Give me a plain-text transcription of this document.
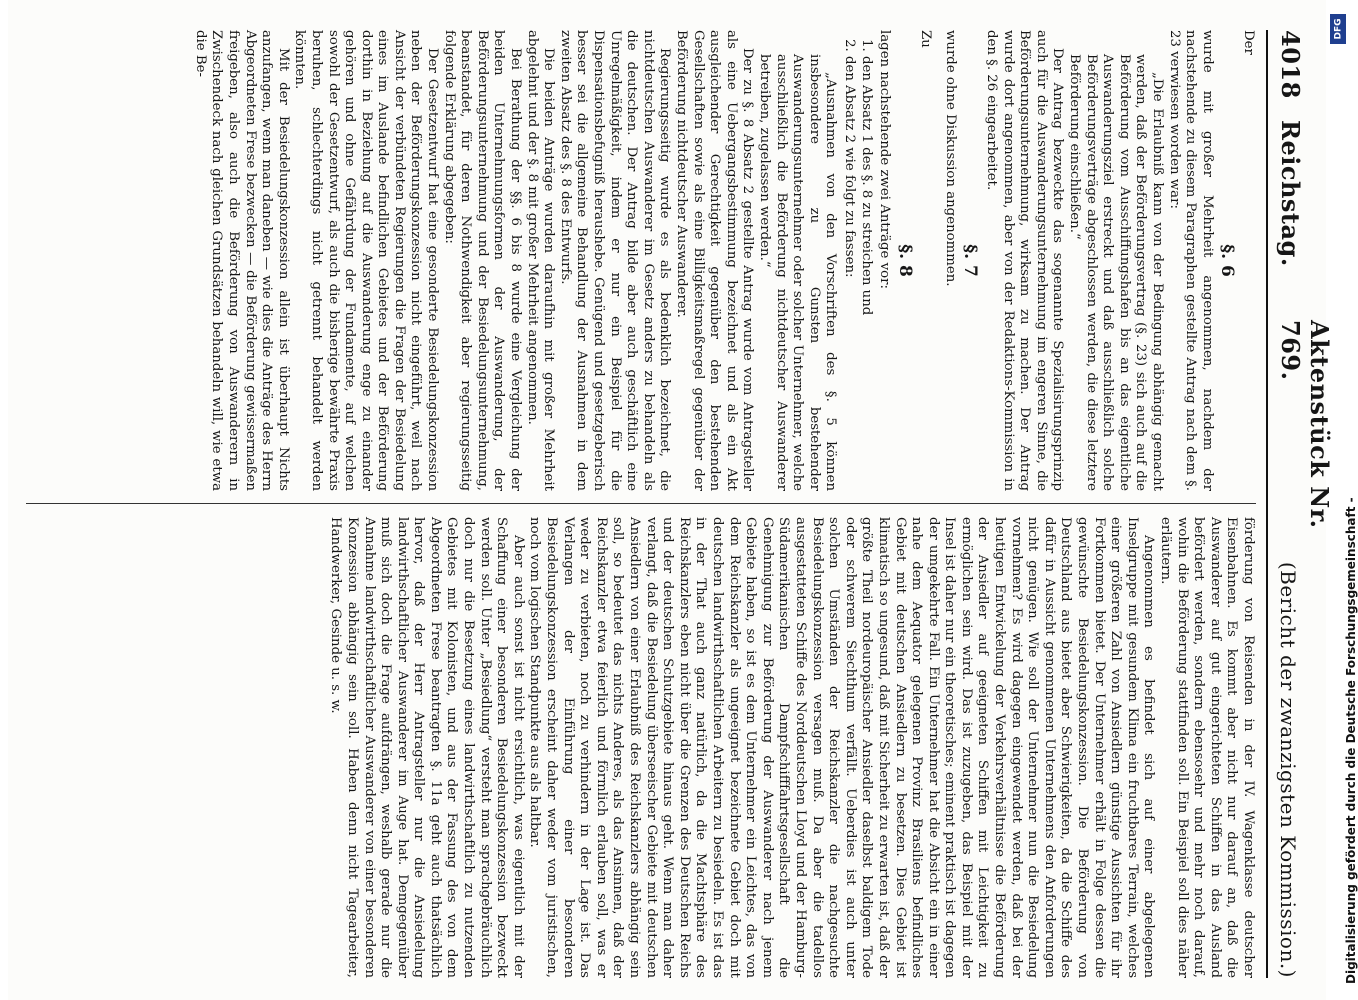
4018
Reichstag.
Aktenstück Nr. 769.
(Bericht der zwanzigsten Kommission.)

Der

§. 6

wurde mit großer Mehrheit angenommen, nachdem der nachstehende zu diesem Paragraphen gestellte Antrag nach dem §. 23 verwiesen worden war:

„Die Erlaubniß kann von der Bedingung abhängig gemacht werden, daß der Beförderungsvertrag (§. 23) sich auch auf die Beförderung vom Ausschiffungshafen bis an das eigentliche Auswanderungsziel erstreckt und daß ausschließlich solche Beförderungsverträge abgeschlossen werden, die diese letztere Beförderung einschließen.“

Der Antrag bezweckte das sogenannte Spezialisirungsprinzip auch für die Auswanderungsunternehmung im engeren Sinne, die Beförderungsunternehmung, wirksam zu machen. Der Antrag wurde dort angenommen, aber von der Redaktions-Kommission in den §. 26 eingearbeitet.

§. 7

wurde ohne Diskussion angenommen.

Zu

§. 8

lagen nachstehende zwei Anträge vor:

1. den Absatz 1 des §. 8 zu streichen und
2. den Absatz 2 wie folgt zu fassen:

„Ausnahmen von den Vorschriften des §. 5 können insbesondere zu Gunsten bestehender Auswanderungsunternehmer oder solcher Unternehmer, welche ausschließlich die Beförderung nichtdeutscher Auswanderer betreiben, zugelassen werden.“

Der zu §. 8 Absatz 2 gestellte Antrag wurde vom Antragsteller als eine Uebergangsbestimmung bezeichnet und als ein Akt ausgleichender Gerechtigkeit gegenüber den bestehenden Gesellschaften sowie als eine Billigkeitsmaßregel gegenüber der Beförderung nichtdeutscher Auswanderer.

Regierungsseitig wurde es als bedenklich bezeichnet, die nichtdeutschen Auswanderer im Gesetz anders zu behandeln als die deutschen. Der Antrag bilde aber auch geschäftlich eine Unregelmäßigkeit, indem er nur ein Beispiel für die Dispensationsbefugniß heraushebe. Genügend und gesetzgeberisch besser sei die allgemeine Behandlung der Ausnahmen in dem zweiten Absatz des §. 8 des Entwurfs.

Die beiden Anträge wurden daraufhin mit großer Mehrheit abgelehnt und der §. 8 mit großer Mehrheit angenommen.

Bei Berathung der §§. 6 bis 8 wurde eine Vergleichung der beiden Unternehmungsformen der Auswanderung, der Beförderungsunternehmung und der Besiedelungsunternehmung, beanstandet, für deren Nothwendigkeit aber regierungsseitig folgende Erklärung abgegeben:

Der Gesetzentwurf hat eine gesonderte Besiedelungskonzession neben der Beförderungskonzession nicht eingeführt, weil nach Ansicht der verbündeten Regierungen die Fragen der Besiedelung eines im Auslande befindlichen Gebietes und der Beförderung dorthin in Beziehung auf die Auswanderung enge zu einander gehören und ohne Gefährdung der Fundamente, auf welchen sowohl der Gesetzentwurf, als auch die bisherige bewährte Praxis beruhen, schlechterdings nicht getrennt behandelt werden könnten.

Mit der Besiedelungskonzession allein ist überhaupt Nichts anzufangen, wenn man daneben — wie dies die Anträge des Herrn Abgeordneten Frese bezwecken — die Beförderung gewissermaßen freigeben, also auch die Beförderung von Auswanderern in Zwischendeck nach gleichen Grundsätzen behandeln will, wie etwa die Be-

förderung von Reisenden in der IV. Wagenklasse deutscher Eisenbahnen. Es kommt aber nicht nur darauf an, daß die Auswanderer auf gut eingerichteten Schiffen in das Ausland befördert werden, sondern ebensosehr und mehr noch darauf, wohin die Beförderung stattfinden soll. Ein Beispiel soll dies näher erläutern.

Angenommen es befindet sich auf einer abgelegenen Inselgruppe mit gesundem Klima ein fruchtbares Terrain, welches einer größeren Zahl von Ansiedlern günstige Aussichten für ihr Fortkommen bietet. Der Unternehmer erhält in Folge dessen die gewünschte Besiedelungskonzession. Die Beförderung von Deutschland aus bietet aber Schwierigkeiten, da die Schiffe des dafür in Aussicht genommenen Unternehmens den Anforderungen nicht genügen. Wie soll der Unternehmer nun die Besiedelung vornehmen? Es wird dagegen eingewendet werden, daß bei der heutigen Entwickelung der Verkehrsverhältnisse die Beförderung der Ansiedler auf geeigneten Schiffen mit Leichtigkeit zu ermöglichen sein wird. Das ist zuzugeben, das Beispiel mit der Insel ist daher nur ein theoretisches; eminent praktisch ist dagegen der umgekehrte Fall. Ein Unternehmer hat die Absicht ein in einer nahe dem Aequator gelegenen Provinz Brasiliens befindliches Gebiet mit deutschen Ansiedlern zu besetzen. Dies Gebiet ist klimatisch so ungesund, daß mit Sicherheit zu erwarten ist, daß der größte Theil nordeuropäischer Ansiedler daselbst baldigem Tode oder schwerem Siechthum verfällt. Ueberdies ist auch unter solchen Umständen der Reichskanzler die nachgesuchte Besiedelungskonzession versagen muß. Da aber die tadellos ausgestatteten Schiffe des Norddeutschen Lloyd und der Hamburg-Südamerikanischen Dampfschifffahrtsgesellschaft die Genehmigung zur Beförderung der Auswanderer nach jenem Gebiete haben, so ist es dem Unternehmer ein Leichtes, das von dem Reichskanzler als ungeeignet bezeichnete Gebiet doch mit deutschen landwirthschaftlichen Arbeitern zu besiedeln. Es ist das in der That auch ganz natürlich, da die Machtsphäre des Reichskanzlers eben nicht über die Grenzen des Deutschen Reichs und der deutschen Schutzgebiete hinaus geht. Wenn man daher verlangt, daß die Besiedelung überseeischer Gebiete mit deutschen Ansiedlern von einer Erlaubniß des Reichskanzlers abhängig sein soll, so bedeutet das nichts Anderes, als das Ansinnen, daß der Reichskanzler etwa feierlich und förmlich erlauben soll, was er weder zu verbieten, noch zu verhindern in der Lage ist. Das Verlangen der Einführung einer besonderen Besiedelungskonzession erscheint daher weder vom juristischen, noch vom logischen Standpunkte aus als haltbar.

Aber auch sonst ist nicht ersichtlich, was eigentlich mit der Schaffung einer besonderen Besiedelungskonzession bezweckt werden soll. Unter „Besiedlung“ versteht man sprachgebräuchlich doch nur die Besetzung eines landwirthschaftlich zu nutzenden Gebietes mit Kolonisten, und aus der Fassung des von dem Abgeordneten Frese beantragten §. 11a geht auch thatsächlich hervor, daß der Herr Antragsteller nur die Ansiedelung landwirthschaftlicher Auswanderer im Auge hat. Demgegenüber muß sich doch die Frage aufdrängen, weshalb gerade nur die Annahme landwirthschaftlicher Auswanderer von einer besonderen Konzession abhängig sein soll. Haben denn nicht Tagearbeiter, Handwerker, Gesinde u. s. w.	Digitalisierung gefördert durch die Deutsche Forschungsgemeinschaft -
DFG
